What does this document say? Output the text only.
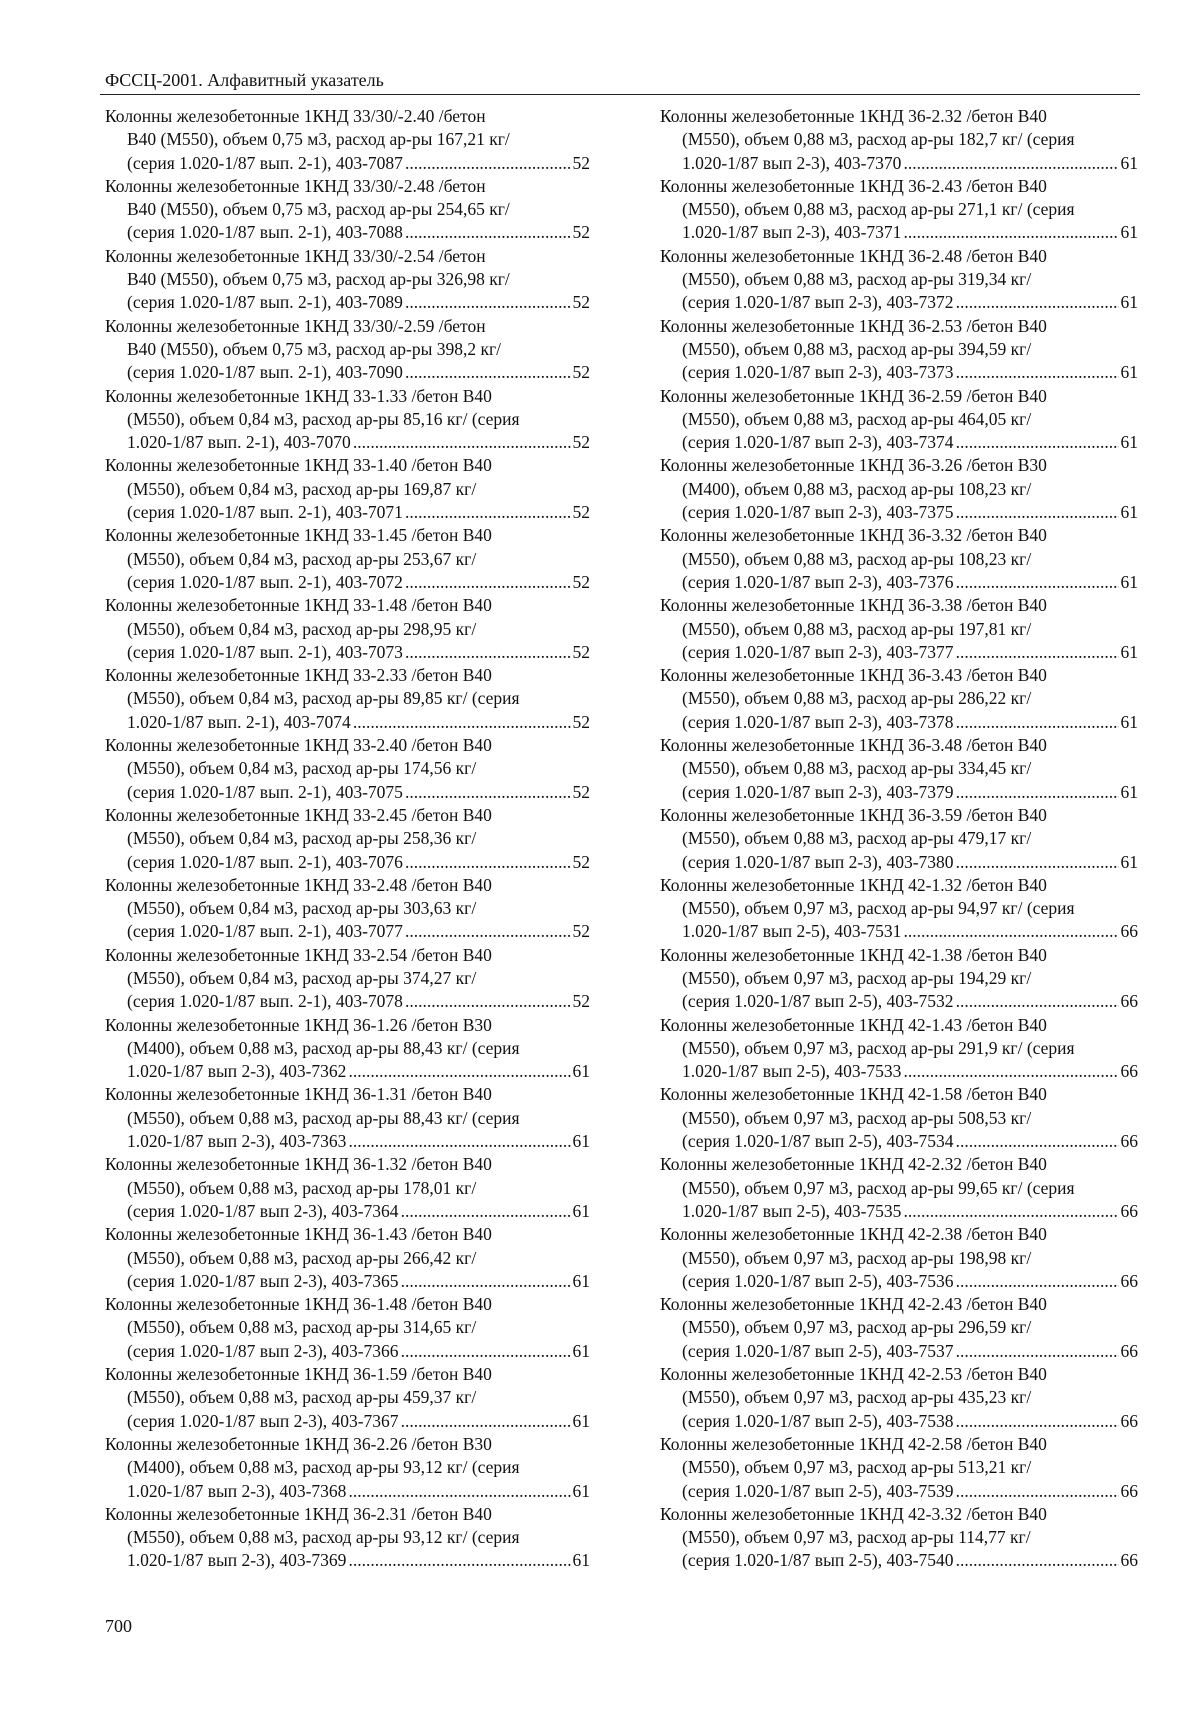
ФССЦ-2001. Алфавитный указатель
Колонны железобетонные 1КНД 33/30/-2.40 /бетон
В40 (М550), объем 0,75 м3, расход ар-ры 167,21 кг/
(серия 1.020-1/87 вып. 2-1), 403-7087 .....	52
Колонны железобетонные 1КНД 33/30/-2.48 /бетон
В40 (М550), объем 0,75 м3, расход ар-ры 254,65 кг/
(серия 1.020-1/87 вып. 2-1), 403-7088 .....	52
Колонны железобетонные 1КНД 33/30/-2.54 /бетон
В40 (М550), объем 0,75 м3, расход ар-ры 326,98 кг/
(серия 1.020-1/87 вып. 2-1), 403-7089 .....	52
Колонны железобетонные 1КНД 33/30/-2.59 /бетон
В40 (М550), объем 0,75 м3, расход ар-ры 398,2 кг/
(серия 1.020-1/87 вып. 2-1), 403-7090 .....	52
Колонны железобетонные 1КНД 33-1.33 /бетон В40
(М550), объем 0,84 м3, расход ар-ры 85,16 кг/ (серия
1.020-1/87 вып. 2-1), 403-7070 .....	52
Колонны железобетонные 1КНД 33-1.40 /бетон В40
(М550), объем 0,84 м3, расход ар-ры 169,87 кг/
(серия 1.020-1/87 вып. 2-1), 403-7071 .....	52
Колонны железобетонные 1КНД 33-1.45 /бетон В40
(М550), объем 0,84 м3, расход ар-ры 253,67 кг/
(серия 1.020-1/87 вып. 2-1), 403-7072 .....	52
Колонны железобетонные 1КНД 33-1.48 /бетон В40
(М550), объем 0,84 м3, расход ар-ры 298,95 кг/
(серия 1.020-1/87 вып. 2-1), 403-7073 .....	52
Колонны железобетонные 1КНД 33-2.33 /бетон В40
(М550), объем 0,84 м3, расход ар-ры 89,85 кг/ (серия
1.020-1/87 вып. 2-1), 403-7074 .....	52
Колонны железобетонные 1КНД 33-2.40 /бетон В40
(М550), объем 0,84 м3, расход ар-ры 174,56 кг/
(серия 1.020-1/87 вып. 2-1), 403-7075 .....	52
Колонны железобетонные 1КНД 33-2.45 /бетон В40
(М550), объем 0,84 м3, расход ар-ры 258,36 кг/
(серия 1.020-1/87 вып. 2-1), 403-7076 .....	52
Колонны железобетонные 1КНД 33-2.48 /бетон В40
(М550), объем 0,84 м3, расход ар-ры 303,63 кг/
(серия 1.020-1/87 вып. 2-1), 403-7077 .....	52
Колонны железобетонные 1КНД 33-2.54 /бетон В40
(М550), объем 0,84 м3, расход ар-ры 374,27 кг/
(серия 1.020-1/87 вып. 2-1), 403-7078 .....	52
Колонны железобетонные 1КНД 36-1.26 /бетон В30
(М400), объем 0,88 м3, расход ар-ры 88,43 кг/ (серия
1.020-1/87 вып 2-3), 403-7362 .....	61
Колонны железобетонные 1КНД 36-1.31 /бетон В40
(М550), объем 0,88 м3, расход ар-ры 88,43 кг/ (серия
1.020-1/87 вып 2-3), 403-7363 .....	61
Колонны железобетонные 1КНД 36-1.32 /бетон В40
(М550), объем 0,88 м3, расход ар-ры 178,01 кг/
(серия 1.020-1/87 вып 2-3), 403-7364 .....	61
Колонны железобетонные 1КНД 36-1.43 /бетон В40
(М550), объем 0,88 м3, расход ар-ры 266,42 кг/
(серия 1.020-1/87 вып 2-3), 403-7365 .....	61
Колонны железобетонные 1КНД 36-1.48 /бетон В40
(М550), объем 0,88 м3, расход ар-ры 314,65 кг/
(серия 1.020-1/87 вып 2-3), 403-7366 .....	61
Колонны железобетонные 1КНД 36-1.59 /бетон В40
(М550), объем 0,88 м3, расход ар-ры 459,37 кг/
(серия 1.020-1/87 вып 2-3), 403-7367 .....	61
Колонны железобетонные 1КНД 36-2.26 /бетон В30
(М400), объем 0,88 м3, расход ар-ры 93,12 кг/ (серия
1.020-1/87 вып 2-3), 403-7368 .....	61
Колонны железобетонные 1КНД 36-2.31 /бетон В40
(М550), объем 0,88 м3, расход ар-ры 93,12 кг/ (серия
1.020-1/87 вып 2-3), 403-7369 .....	61
Колонны железобетонные 1КНД 36-2.32 /бетон В40
(М550), объем 0,88 м3, расход ар-ры 182,7 кг/ (серия
1.020-1/87 вып 2-3), 403-7370 .....	61
Колонны железобетонные 1КНД 36-2.43 /бетон В40
(М550), объем 0,88 м3, расход ар-ры 271,1 кг/ (серия
1.020-1/87 вып 2-3), 403-7371 .....	61
Колонны железобетонные 1КНД 36-2.48 /бетон В40
(М550), объем 0,88 м3, расход ар-ры 319,34 кг/
(серия 1.020-1/87 вып 2-3), 403-7372 .....	61
Колонны железобетонные 1КНД 36-2.53 /бетон В40
(М550), объем 0,88 м3, расход ар-ры 394,59 кг/
(серия 1.020-1/87 вып 2-3), 403-7373 .....	61
Колонны железобетонные 1КНД 36-2.59 /бетон В40
(М550), объем 0,88 м3, расход ар-ры 464,05 кг/
(серия 1.020-1/87 вып 2-3), 403-7374 .....	61
Колонны железобетонные 1КНД 36-3.26 /бетон В30
(М400), объем 0,88 м3, расход ар-ры 108,23 кг/
(серия 1.020-1/87 вып 2-3), 403-7375 .....	61
Колонны железобетонные 1КНД 36-3.32 /бетон В40
(М550), объем 0,88 м3, расход ар-ры 108,23 кг/
(серия 1.020-1/87 вып 2-3), 403-7376 .....	61
Колонны железобетонные 1КНД 36-3.38 /бетон В40
(М550), объем 0,88 м3, расход ар-ры 197,81 кг/
(серия 1.020-1/87 вып 2-3), 403-7377 .....	61
Колонны железобетонные 1КНД 36-3.43 /бетон В40
(М550), объем 0,88 м3, расход ар-ры 286,22 кг/
(серия 1.020-1/87 вып 2-3), 403-7378 .....	61
Колонны железобетонные 1КНД 36-3.48 /бетон В40
(М550), объем 0,88 м3, расход ар-ры 334,45 кг/
(серия 1.020-1/87 вып 2-3), 403-7379 .....	61
Колонны железобетонные 1КНД 36-3.59 /бетон В40
(М550), объем 0,88 м3, расход ар-ры 479,17 кг/
(серия 1.020-1/87 вып 2-3), 403-7380 .....	61
Колонны железобетонные 1КНД 42-1.32 /бетон В40
(М550), объем 0,97 м3, расход ар-ры 94,97 кг/ (серия
1.020-1/87 вып 2-5), 403-7531 .....	66
Колонны железобетонные 1КНД 42-1.38 /бетон В40
(М550), объем 0,97 м3, расход ар-ры 194,29 кг/
(серия 1.020-1/87 вып 2-5), 403-7532 .....	66
Колонны железобетонные 1КНД 42-1.43 /бетон В40
(М550), объем 0,97 м3, расход ар-ры 291,9 кг/ (серия
1.020-1/87 вып 2-5), 403-7533 .....	66
Колонны железобетонные 1КНД 42-1.58 /бетон В40
(М550), объем 0,97 м3, расход ар-ры 508,53 кг/
(серия 1.020-1/87 вып 2-5), 403-7534 .....	66
Колонны железобетонные 1КНД 42-2.32 /бетон В40
(М550), объем 0,97 м3, расход ар-ры 99,65 кг/ (серия
1.020-1/87 вып 2-5), 403-7535 .....	66
Колонны железобетонные 1КНД 42-2.38 /бетон В40
(М550), объем 0,97 м3, расход ар-ры 198,98 кг/
(серия 1.020-1/87 вып 2-5), 403-7536 .....	66
Колонны железобетонные 1КНД 42-2.43 /бетон В40
(М550), объем 0,97 м3, расход ар-ры 296,59 кг/
(серия 1.020-1/87 вып 2-5), 403-7537 .....	66
Колонны железобетонные 1КНД 42-2.53 /бетон В40
(М550), объем 0,97 м3, расход ар-ры 435,23 кг/
(серия 1.020-1/87 вып 2-5), 403-7538 .....	66
Колонны железобетонные 1КНД 42-2.58 /бетон В40
(М550), объем 0,97 м3, расход ар-ры 513,21 кг/
(серия 1.020-1/87 вып 2-5), 403-7539 .....	66
Колонны железобетонные 1КНД 42-3.32 /бетон В40
(М550), объем 0,97 м3, расход ар-ры 114,77 кг/
(серия 1.020-1/87 вып 2-5), 403-7540 .....	66
700
